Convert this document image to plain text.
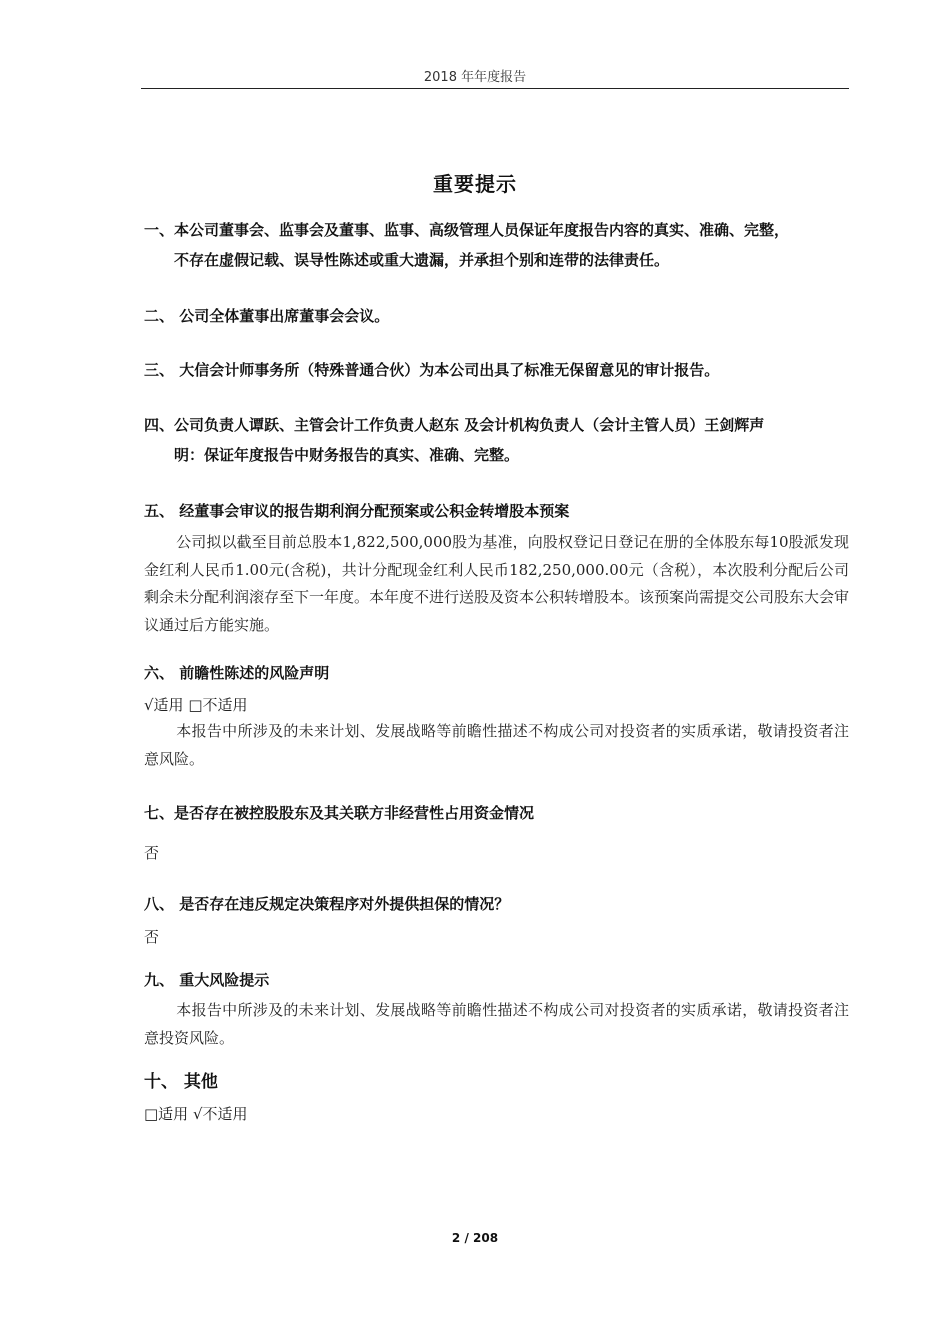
2018 年年度报告
重要提示
一、本公司董事会、监事会及董事、监事、高级管理人员保证年度报告内容的真实、准确、完整，
不存在虚假记载、误导性陈述或重大遗漏，并承担个别和连带的法律责任。
二、 公司全体董事出席董事会会议。
三、 大信会计师事务所（特殊普通合伙）为本公司出具了标准无保留意见的审计报告。
四、公司负责人谭跃、主管会计工作负责人赵东 及会计机构负责人（会计主管人员）王剑辉声
明：保证年度报告中财务报告的真实、准确、完整。
五、 经董事会审议的报告期利润分配预案或公积金转增股本预案
公司拟以截至目前总股本1,822,500,000股为基准，向股权登记日登记在册的全体股东每10股派发现金红利人民币1.00元(含税)，共计分配现金红利人民币182,250,000.00元（含税），本次股利分配后公司剩余未分配利润滚存至下一年度。本年度不进行送股及资本公积转增股本。该预案尚需提交公司股东大会审议通过后方能实施。
六、 前瞻性陈述的风险声明
√适用 □不适用
本报告中所涉及的未来计划、发展战略等前瞻性描述不构成公司对投资者的实质承诺，敬请投资者注意风险。
七、是否存在被控股股东及其关联方非经营性占用资金情况
否
八、 是否存在违反规定决策程序对外提供担保的情况？
否
九、 重大风险提示
本报告中所涉及的未来计划、发展战略等前瞻性描述不构成公司对投资者的实质承诺，敬请投资者注意投资风险。
十、 其他
□适用 √不适用
2 / 208
